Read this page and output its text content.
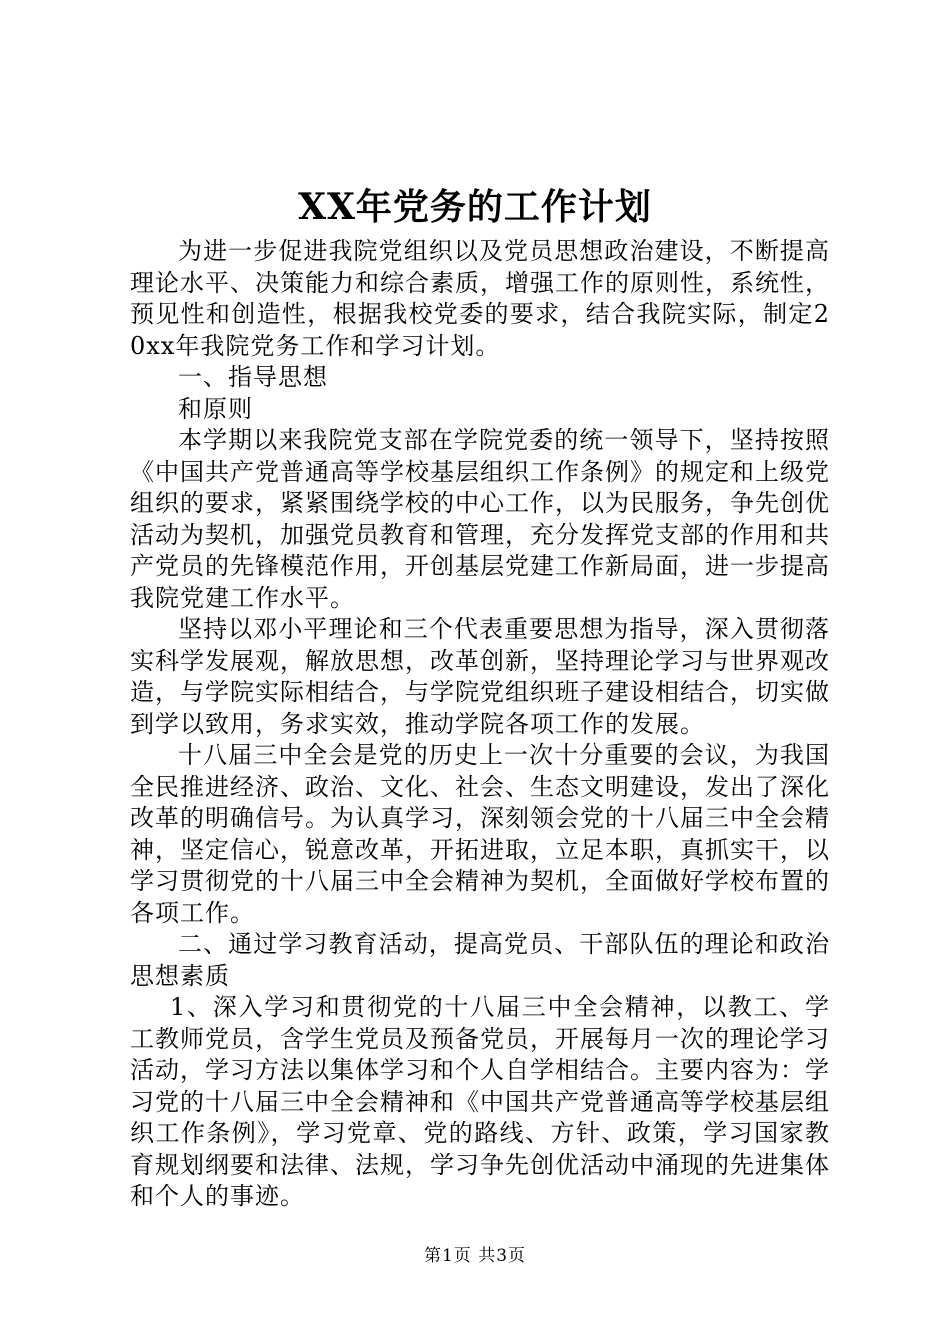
XX年党务的工作计划

为进一步促进我院党组织以及党员思想政治建设，不断提高理论水平、决策能力和综合素质，增强工作的原则性，系统性，预见性和创造性，根据我校党委的要求，结合我院实际，制定20xx年我院党务工作和学习计划。

一、指导思想

和原则

本学期以来我院党支部在学院党委的统一领导下，坚持按照《中国共产党普通高等学校基层组织工作条例》的规定和上级党组织的要求，紧紧围绕学校的中心工作，以为民服务，争先创优活动为契机，加强党员教育和管理，充分发挥党支部的作用和共产党员的先锋模范作用，开创基层党建工作新局面，进一步提高我院党建工作水平。

坚持以邓小平理论和三个代表重要思想为指导，深入贯彻落实科学发展观，解放思想，改革创新，坚持理论学习与世界观改造，与学院实际相结合，与学院党组织班子建设相结合，切实做到学以致用，务求实效，推动学院各项工作的发展。

十八届三中全会是党的历史上一次十分重要的会议，为我国全民推进经济、政治、文化、社会、生态文明建设，发出了深化改革的明确信号。为认真学习，深刻领会党的十八届三中全会精神，坚定信心，锐意改革，开拓进取，立足本职，真抓实干，以学习贯彻党的十八届三中全会精神为契机，全面做好学校布置的各项工作。

二、通过学习教育活动，提高党员、干部队伍的理论和政治思想素质

1、深入学习和贯彻党的十八届三中全会精神，以教工、学工教师党员，含学生党员及预备党员，开展每月一次的理论学习活动，学习方法以集体学习和个人自学相结合。主要内容为：学习党的十八届三中全会精神和《中国共产党普通高等学校基层组织工作条例》，学习党章、党的路线、方针、政策，学习国家教育规划纲要和法律、法规，学习争先创优活动中涌现的先进集体和个人的事迹。

第1页 共3页
